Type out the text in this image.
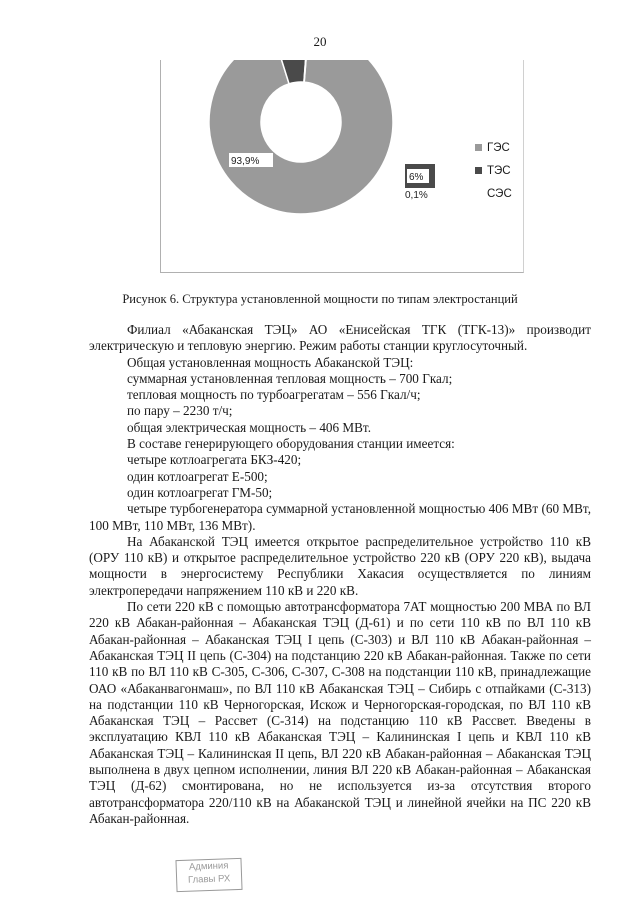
20
93,9%
6%
0,1%
ГЭС
ТЭС
СЭС
Рисунок 6. Структура установленной мощности по типам электростанций

Филиал «Абаканская ТЭЦ» АО «Енисейская ТГК (ТГК-13)» производит электрическую и тепловую энергию. Режим работы станции круглосуточный.

Общая установленная мощность Абаканской ТЭЦ:

суммарная установленная тепловая мощность – 700 Гкал;

тепловая мощность по турбоагрегатам – 556 Гкал/ч;

по пару – 2230 т/ч;

общая электрическая мощность – 406 МВт.

В составе генерирующего оборудования станции имеется:

четыре котлоагрегата БКЗ-420;

один котлоагрегат Е-500;

один котлоагрегат ГМ-50;

четыре турбогенератора суммарной установленной мощностью 406 МВт (60 МВт, 100 МВт, 110 МВт, 136 МВт).

На Абаканской ТЭЦ имеется открытое распределительное устройство 110 кВ (ОРУ 110 кВ) и открытое распределительное устройство 220 кВ (ОРУ 220 кВ), выдача мощности в энергосистему Республики Хакасия осуществляется по линиям электропередачи напряжением 110 кВ и 220 кВ.

По сети 220 кВ с помощью автотрансформатора 7АТ мощностью 200 МВА по ВЛ 220 кВ Абакан-районная – Абаканская ТЭЦ (Д-61) и по сети 110 кВ по ВЛ 110 кВ Абакан-районная – Абаканская ТЭЦ I цепь (С-303) и ВЛ 110 кВ Абакан-районная – Абаканская ТЭЦ II цепь (С-304) на подстанцию 220 кВ Абакан-районная. Также по сети 110 кВ по ВЛ 110 кВ С-305, С-306, С-307, С-308 на подстанции 110 кВ, принадлежащие ОАО «Абаканвагонмаш», по ВЛ 110 кВ Абаканская ТЭЦ – Сибирь с отпайками (С-313) на подстанции 110 кВ Черногорская, Искож и Черногорская-городская, по ВЛ 110 кВ Абаканская ТЭЦ – Рассвет (С-314) на подстанцию 110 кВ Рассвет. Введены в эксплуатацию КВЛ 110 кВ Абаканская ТЭЦ – Калининская I цепь и КВЛ 110 кВ Абаканская ТЭЦ – Калининская II цепь, ВЛ 220 кВ Абакан-районная – Абаканская ТЭЦ выполнена в двух цепном исполнении, линия ВЛ 220 кВ Абакан-районная – Абаканская ТЭЦ (Д-62) смонтирована, но не используется из-за отсутствия второго автотрансформатора 220/110 кВ на Абаканской ТЭЦ и линейной ячейки на ПС 220 кВ Абакан-районная.

Админия
Главы РХ
